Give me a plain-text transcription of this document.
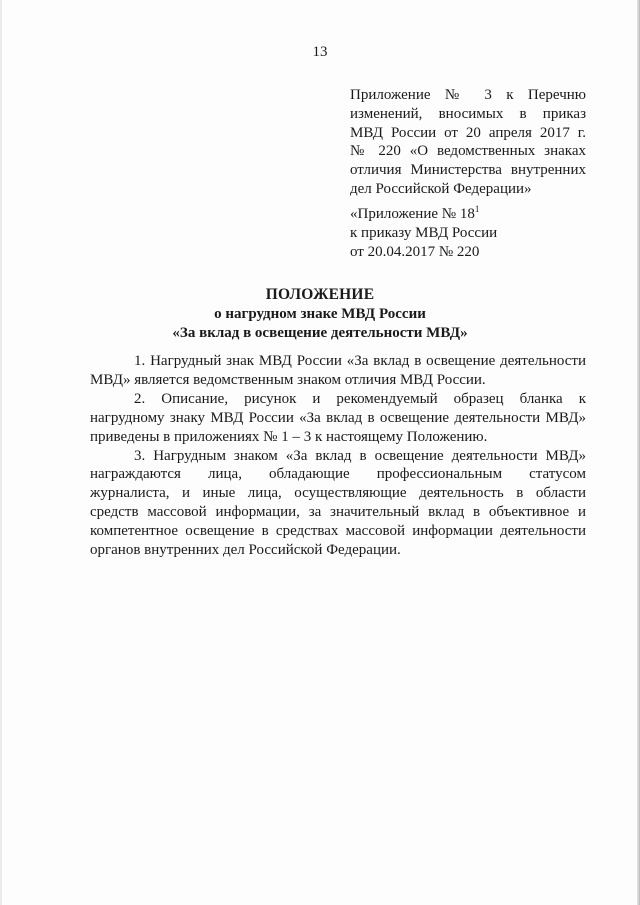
13
Приложение № 3 к Перечню
изменений, вносимых в приказ
МВД России от 20 апреля 2017 г.
№ 220 «О ведомственных знаках
отличия Министерства внутренних
дел Российской Федерации»
«Приложение № $18^1$
к приказу МВД России
от 20.04.2017 № 220
ПОЛОЖЕНИЕ
о нагрудном знаке МВД России
«За вклад в освещение деятельности МВД»
1. Нагрудный знак МВД России «За вклад в освещение деятельности
МВД» является ведомственным знаком отличия МВД России.
2. Описание, рисунок и рекомендуемый образец бланка к
нагрудному знаку МВД России «За вклад в освещение деятельности МВД»
приведены в приложениях № 1 – 3 к настоящему Положению.
3. Нагрудным знаком «За вклад в освещение деятельности МВД»
награждаются лица, обладающие профессиональным статусом
журналиста, и иные лица, осуществляющие деятельность в области
средств массовой информации, за значительный вклад в объективное и
компетентное освещение в средствах массовой информации деятельности
органов внутренних дел Российской Федерации.
